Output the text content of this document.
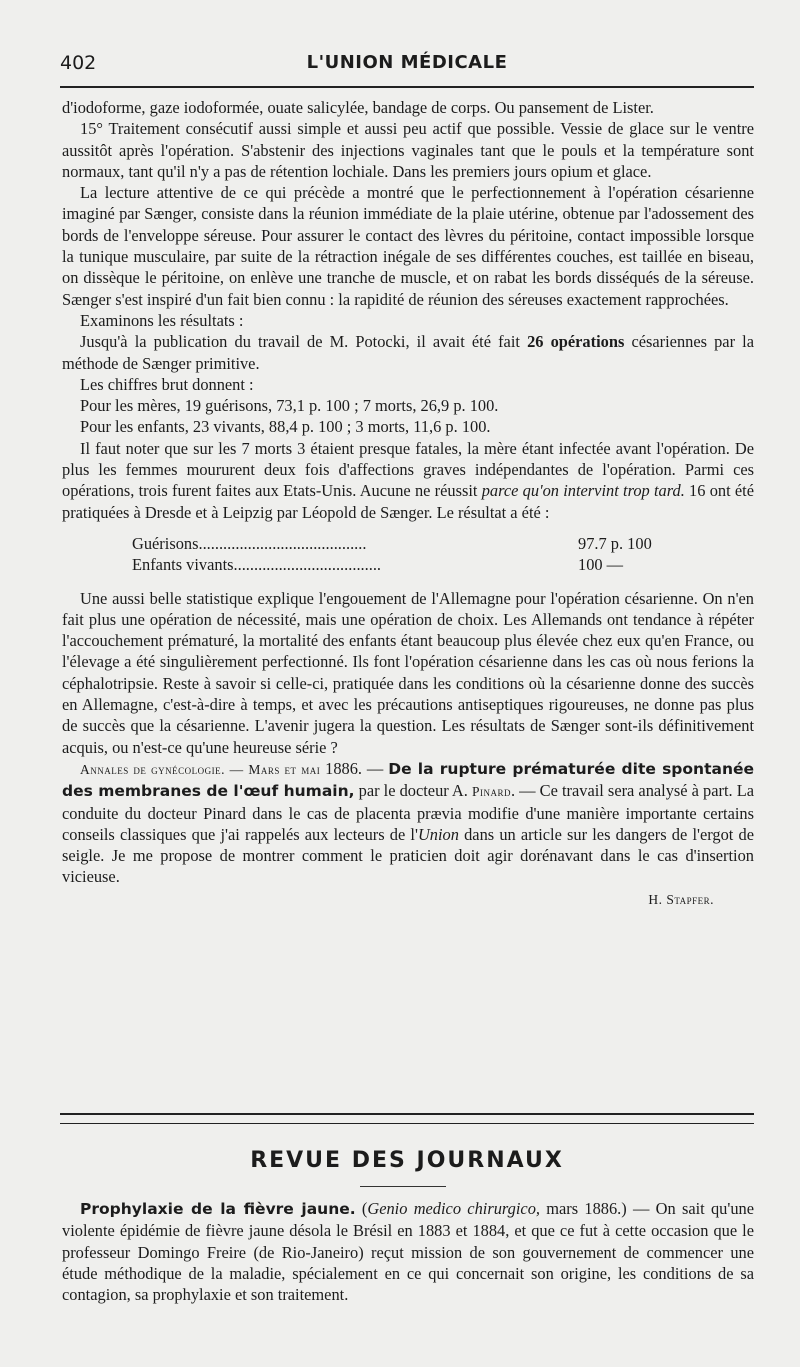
402	L'UNION MÉDICALE

d'iodoforme, gaze iodoformée, ouate salicylée, bandage de corps. Ou pansement de Lister.

15° Traitement consécutif aussi simple et aussi peu actif que possible. Vessie de glace sur le ventre aussitôt après l'opération. S'abstenir des injections vaginales tant que le pouls et la température sont normaux, tant qu'il n'y a pas de rétention lochiale. Dans les premiers jours opium et glace.

La lecture attentive de ce qui précède a montré que le perfectionnement à l'opération césarienne imaginé par Sænger, consiste dans la réunion immédiate de la plaie utérine, obtenue par l'adossement des bords de l'enveloppe séreuse. Pour assurer le contact des lèvres du péritoine, contact impossible lorsque la tunique musculaire, par suite de la rétraction inégale de ses différentes couches, est taillée en biseau, on dissèque le péritoine, on enlève une tranche de muscle, et on rabat les bords disséqués de la séreuse. Sænger s'est inspiré d'un fait bien connu : la rapidité de réunion des séreuses exactement rapprochées.

Examinons les résultats :

Jusqu'à la publication du travail de M. Potocki, il avait été fait 26 opérations césariennes par la méthode de Sænger primitive.

Les chiffres brut donnent :

Pour les mères, 19 guérisons, 73,1 p. 100 ; 7 morts, 26,9 p. 100.

Pour les enfants, 23 vivants, 88,4 p. 100 ; 3 morts, 11,6 p. 100.

Il faut noter que sur les 7 morts 3 étaient presque fatales, la mère étant infectée avant l'opération. De plus les femmes moururent deux fois d'affections graves indépendantes de l'opération. Parmi ces opérations, trois furent faites aux Etats-Unis. Aucune ne réussit parce qu'on intervint trop tard. 16 ont été pratiquées à Dresde et à Leipzig par Léopold de Sænger. Le résultat a été :

Guérisons.........................................	97.7 p. 100
Enfants vivants....................................	100 —

Une aussi belle statistique explique l'engouement de l'Allemagne pour l'opération césarienne. On n'en fait plus une opération de nécessité, mais une opération de choix. Les Allemands ont tendance à répéter l'accouchement prématuré, la mortalité des enfants étant beaucoup plus élevée chez eux qu'en France, ou l'élevage a été singulièrement perfectionné. Ils font l'opération césarienne dans les cas où nous ferions la céphalotripsie. Reste à savoir si celle-ci, pratiquée dans les conditions où la césarienne donne des succès en Allemagne, c'est-à-dire à temps, et avec les précautions antiseptiques rigoureuses, ne donne pas plus de succès que la césarienne. L'avenir jugera la question. Les résultats de Sænger sont-ils définitivement acquis, ou n'est-ce qu'une heureuse série ?

Annales de gynécologie. — Mars et mai 1886. — De la rupture prématurée dite spontanée des membranes de l'œuf humain, par le docteur A. Pinard. — Ce travail sera analysé à part. La conduite du docteur Pinard dans le cas de placenta prævia modifie d'une manière importante certains conseils classiques que j'ai rappelés aux lecteurs de l'Union dans un article sur les dangers de l'ergot de seigle. Je me propose de montrer comment le praticien doit agir dorénavant dans le cas d'insertion vicieuse.

H. Stapfer.

REVUE DES JOURNAUX

Prophylaxie de la fièvre jaune. (Genio medico chirurgico, mars 1886.) — On sait qu'une violente épidémie de fièvre jaune désola le Brésil en 1883 et 1884, et que ce fut à cette occasion que le professeur Domingo Freire (de Rio-Janeiro) reçut mission de son gouvernement de commencer une étude méthodique de la maladie, spécialement en ce qui concernait son origine, les conditions de sa contagion, sa prophylaxie et son traitement.
